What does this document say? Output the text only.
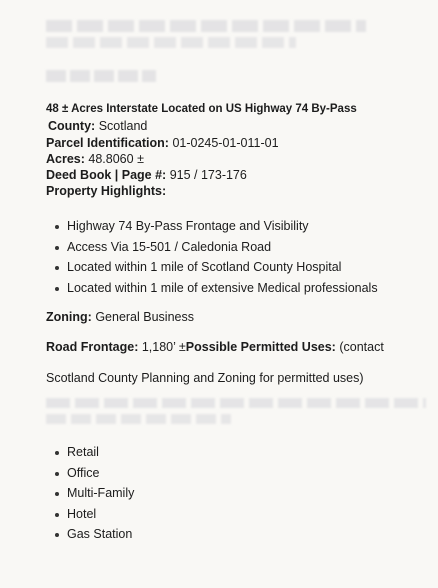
48 ± Acres Interstate Located on US Highway 74 By-Pass
County: Scotland
Parcel Identification: 01-0245-01-011-01
Acres: 48.8060 ±
Deed Book | Page #: 915 / 173-176
Property Highlights:
Highway 74 By-Pass Frontage and Visibility
Access Via 15-501 / Caledonia Road
Located within 1 mile of Scotland County Hospital
Located within 1 mile of extensive Medical professionals
Zoning: General Business
Road Frontage: 1,180’ ±Possible Permitted Uses: (contact
Scotland County Planning and Zoning for permitted uses)
Retail
Office
Multi-Family
Hotel
Gas Station
